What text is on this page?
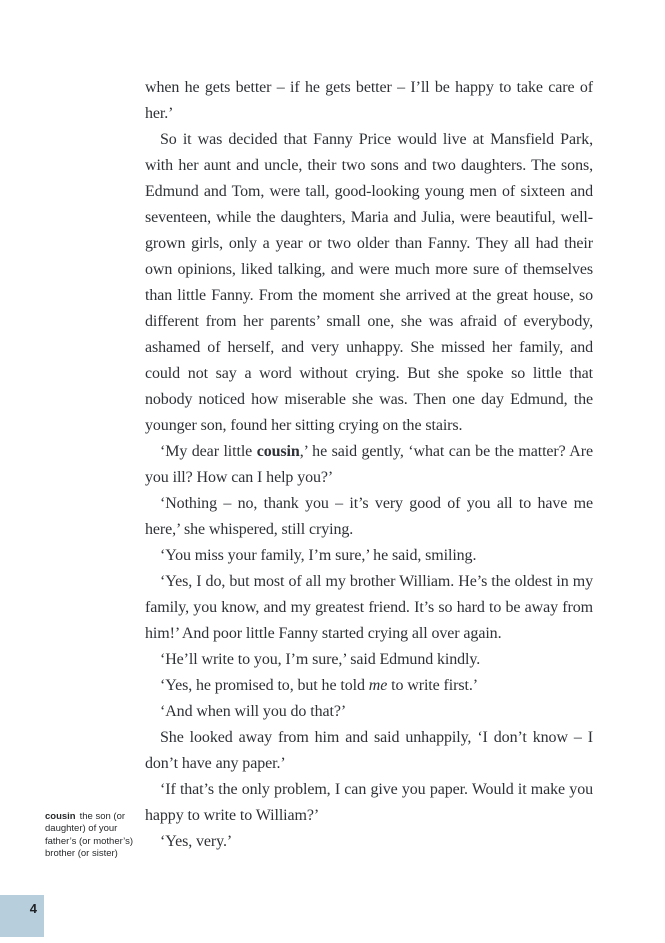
when he gets better – if he gets better – I’ll be happy to take care of her.’

So it was decided that Fanny Price would live at Mansfield Park, with her aunt and uncle, their two sons and two daughters. The sons, Edmund and Tom, were tall, good-looking young men of sixteen and seventeen, while the daughters, Maria and Julia, were beautiful, well-grown girls, only a year or two older than Fanny. They all had their own opinions, liked talking, and were much more sure of themselves than little Fanny. From the moment she arrived at the great house, so different from her parents’ small one, she was afraid of everybody, ashamed of herself, and very unhappy. She missed her family, and could not say a word without crying. But she spoke so little that nobody noticed how miserable she was. Then one day Edmund, the younger son, found her sitting crying on the stairs.

‘My dear little cousin,’ he said gently, ‘what can be the matter? Are you ill? How can I help you?’

‘Nothing – no, thank you – it’s very good of you all to have me here,’ she whispered, still crying.

‘You miss your family, I’m sure,’ he said, smiling.

‘Yes, I do, but most of all my brother William. He’s the oldest in my family, you know, and my greatest friend. It’s so hard to be away from him!’ And poor little Fanny started crying all over again.

‘He’ll write to you, I’m sure,’ said Edmund kindly.

‘Yes, he promised to, but he told me to write first.’

‘And when will you do that?’

She looked away from him and said unhappily, ‘I don’t know – I don’t have any paper.’

‘If that’s the only problem, I can give you paper. Would it make you happy to write to William?’

‘Yes, very.’

cousin the son (or daughter) of your father’s (or mother’s) brother (or sister)
4
